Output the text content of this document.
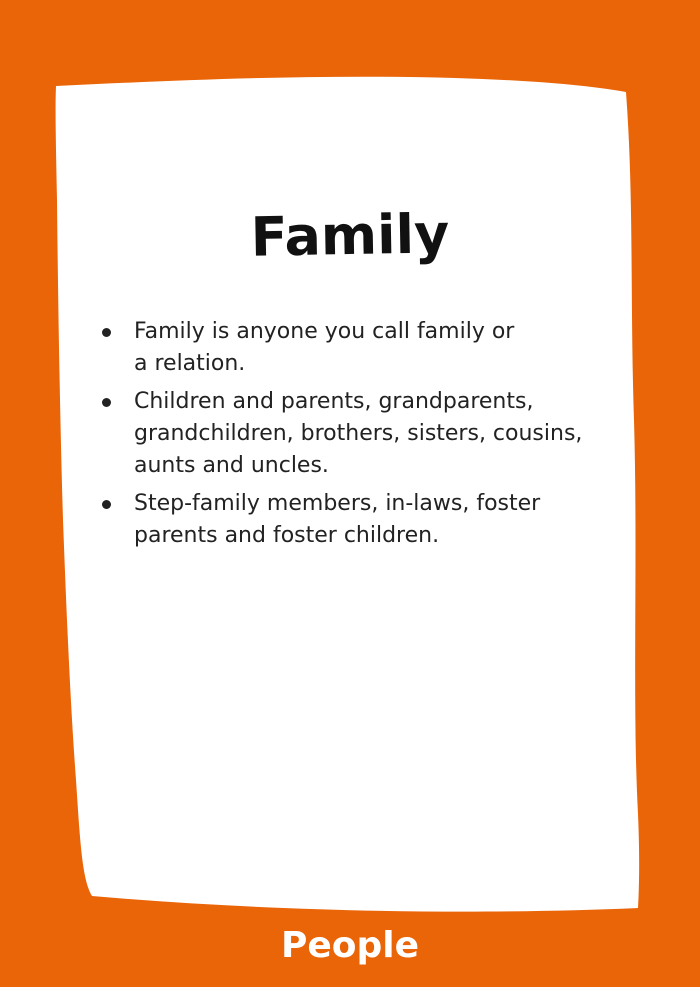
Family
Family is anyone you call family or
a relation.
Children and parents, grandparents,
grandchildren, brothers, sisters, cousins,
aunts and uncles.
Step-family members, in-laws, foster
parents and foster children.
People
